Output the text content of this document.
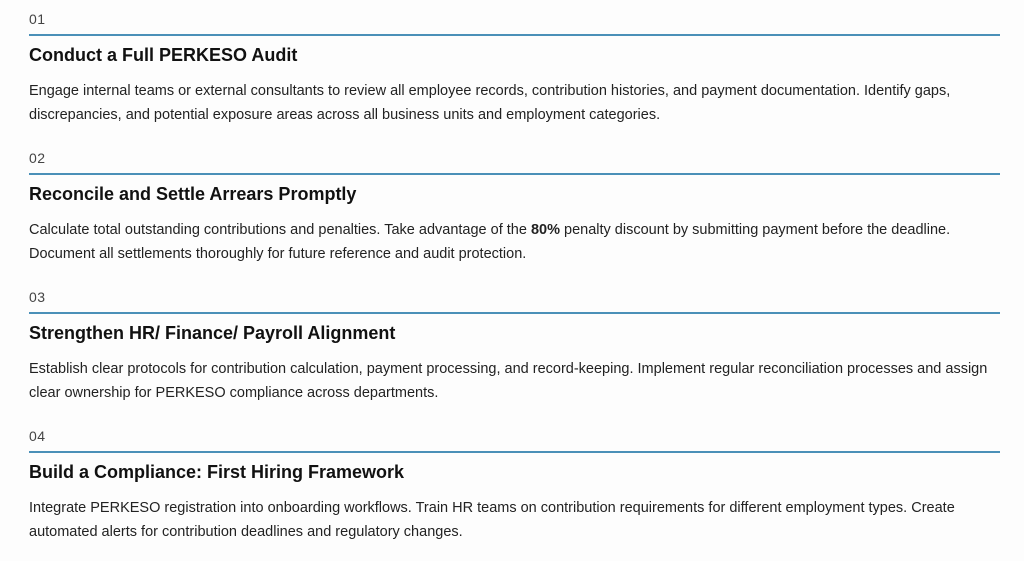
01
Conduct a Full PERKESO Audit
Engage internal teams or external consultants to review all employee records, contribution histories, and payment documentation. Identify gaps, discrepancies, and potential exposure areas across all business units and employment categories.
02
Reconcile and Settle Arrears Promptly
Calculate total outstanding contributions and penalties. Take advantage of the 80% penalty discount by submitting payment before the deadline. Document all settlements thoroughly for future reference and audit protection.
03
Strengthen HR/ Finance/ Payroll Alignment
Establish clear protocols for contribution calculation, payment processing, and record-keeping. Implement regular reconciliation processes and assign clear ownership for PERKESO compliance across departments.
04
Build a Compliance: First Hiring Framework
Integrate PERKESO registration into onboarding workflows. Train HR teams on contribution requirements for different employment types. Create automated alerts for contribution deadlines and regulatory changes.
